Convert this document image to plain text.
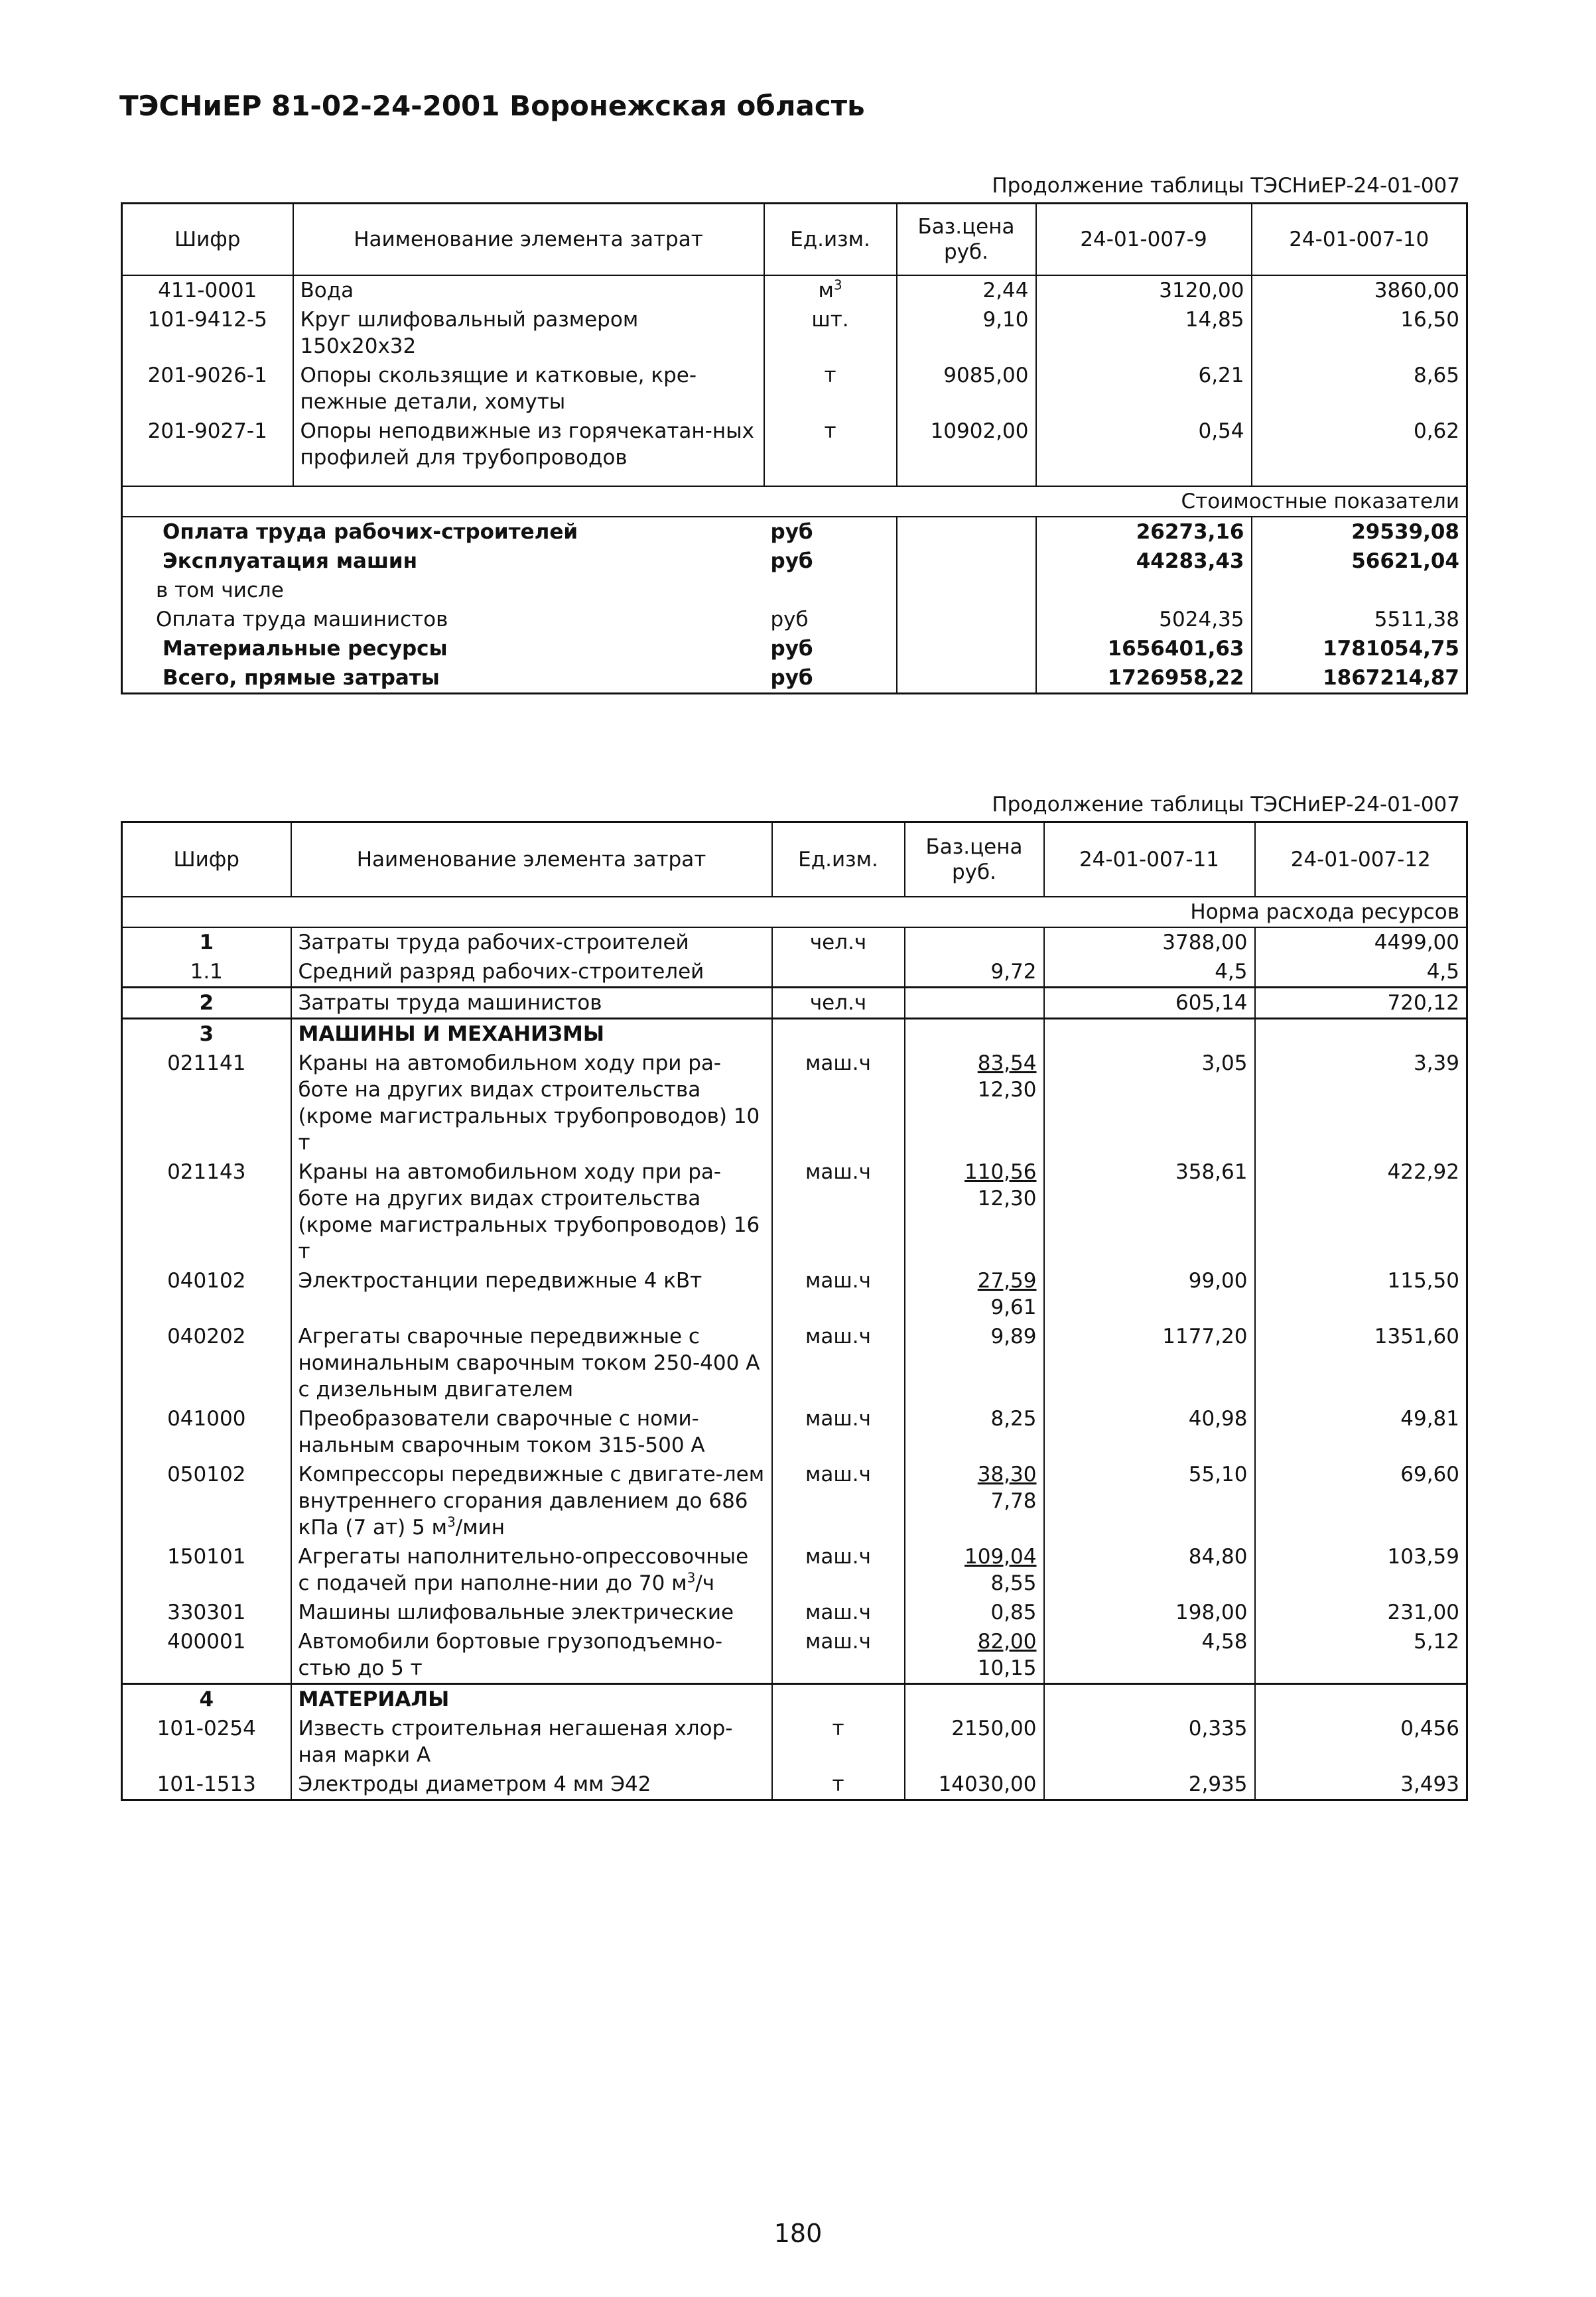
ТЭСНиЕР 81-02-24-2001 Воронежская область
Продолжение таблицы ТЭСНиЕР-24-01-007
Шифр	Наименование элемента затрат	Ед.изм.	Баз.цена руб.	24-01-007-9	24-01-007-10
411-0001	Вода	$м^3$	2,44	3120,00	3860,00
101-9412-5	Круг шлифовальный размером 150х20х32	шт.	9,10	14,85	16,50
201-9026-1	Опоры скользящие и катковые, кре-пежные детали, хомуты	т	9085,00	6,21	8,65
201-9027-1	Опоры неподвижные из горячекатан-ных профилей для трубопроводов	т	10902,00	0,54	0,62
Стоимостные показатели					
Оплата труда рабочих-строителей		руб		26273,16	29539,08
Эксплуатация машин		руб		44283,43	56621,04
в том числе					
Оплата труда машинистов		руб		5024,35	5511,38
Материальные ресурсы		руб		1656401,63	1781054,75
Всего, прямые затраты		руб		1726958,22	1867214,87
Продолжение таблицы ТЭСНиЕР-24-01-007
Шифр	Наименование элемента затрат	Ед.изм.	Баз.цена руб.	24-01-007-11	24-01-007-12
Норма расхода ресурсов					
1	Затраты труда рабочих-строителей	чел.ч		3788,00	4499,00
1.1	Средний разряд рабочих-строителей		9,72	4,5	4,5
2	Затраты труда машинистов	чел.ч		605,14	720,12
3	МАШИНЫ И МЕХАНИЗМЫ				
021141	Краны на автомобильном ходу при ра-боте на других видах строительства (кроме магистральных трубопроводов) 10 т	маш.ч	$\frac{83,54}{12,30}$	3,05	3,39
021143	Краны на автомобильном ходу при ра-боте на других видах строительства (кроме магистральных трубопроводов) 16 т	маш.ч	$\frac{110,56}{12,30}$	358,61	422,92
040102	Электростанции передвижные 4 кВт	маш.ч	$\frac{27,59}{9,61}$	99,00	115,50
040202	Агрегаты сварочные передвижные с номинальным сварочным током 250-400 А с дизельным двигателем	маш.ч	9,89	1177,20	1351,60
041000	Преобразователи сварочные с номи-нальным сварочным током 315-500 А	маш.ч	8,25	40,98	49,81
050102	Компрессоры передвижные с двигате-лем внутреннего сгорания давлением до 686 кПа (7 ат) 5 $м^3$/мин	маш.ч	$\frac{38,30}{7,78}$	55,10	69,60
150101	Агрегаты наполнительно-опрессовочные с подачей при наполне-нии до 70 $м^3/ч$	маш.ч	$\frac{109,04}{8,55}$	84,80	103,59
330301	Машины шлифовальные электрические	маш.ч	0,85	198,00	231,00
400001	Автомобили бортовые грузоподъемно-стью до 5 т	маш.ч	$\frac{82,00}{10,15}$	4,58	5,12
4	МАТЕРИАЛЫ				
101-0254	Известь строительная негашеная хлор-ная марки А	т	2150,00	0,335	0,456
101-1513	Электроды диаметром 4 мм Э42	т	14030,00	2,935	3,493
180
